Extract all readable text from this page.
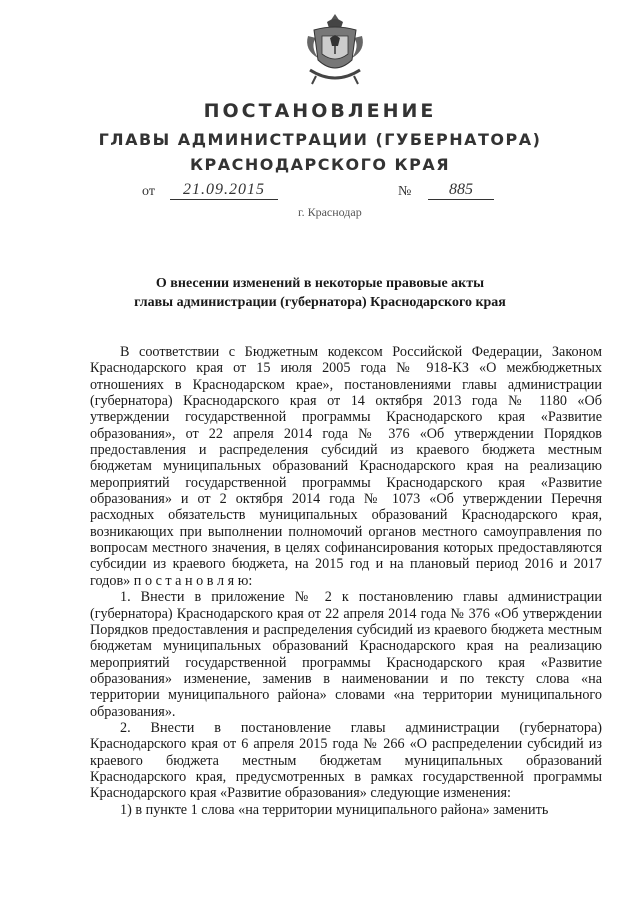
ПОСТАНОВЛЕНИЕ
ГЛАВЫ АДМИНИСТРАЦИИ (ГУБЕРНАТОРА)
КРАСНОДАРСКОГО КРАЯ
от	21.09.2015	№	885
г. Краснодар
О внесении изменений в некоторые правовые акты
главы администрации (губернатора) Краснодарского края

В соответствии с Бюджетным кодексом Российской Федерации, Законом Краснодарского края от 15 июля 2005 года № 918-КЗ «О межбюджетных отношениях в Краснодарском крае», постановлениями главы администрации (губернатора) Краснодарского края от 14 октября 2013 года № 1180 «Об утверждении государственной программы Краснодарского края «Развитие образования», от 22 апреля 2014 года № 376 «Об утверждении Порядков предоставления и распределения субсидий из краевого бюджета местным бюджетам муниципальных образований Краснодарского края на реализацию мероприятий государственной программы Краснодарского края «Развитие образования» и от 2 октября 2014 года № 1073 «Об утверждении Перечня расходных обязательств муниципальных образований Краснодарского края, возникающих при выполнении полномочий органов местного самоуправления по вопросам местного значения, в целях софинансирования которых предоставляются субсидии из краевого бюджета, на 2015 год и на плановый период 2016 и 2017 годов» п о с т а н о в л я ю:

1. Внести в приложение № 2 к постановлению главы администрации (губернатора) Краснодарского края от 22 апреля 2014 года № 376 «Об утверждении Порядков предоставления и распределения субсидий из краевого бюджета местным бюджетам муниципальных образований Краснодарского края на реализацию мероприятий государственной программы Краснодарского края «Развитие образования» изменение, заменив в наименовании и по тексту слова «на территории муниципального района» словами «на территории муниципального образования».

2. Внести в постановление главы администрации (губернатора) Краснодарского края от 6 апреля 2015 года № 266 «О распределении субсидий из краевого бюджета местным бюджетам муниципальных образований Краснодарского края, предусмотренных в рамках государственной программы Краснодарского края «Развитие образования» следующие изменения:

1) в пункте 1 слова «на территории муниципального района» заменить
